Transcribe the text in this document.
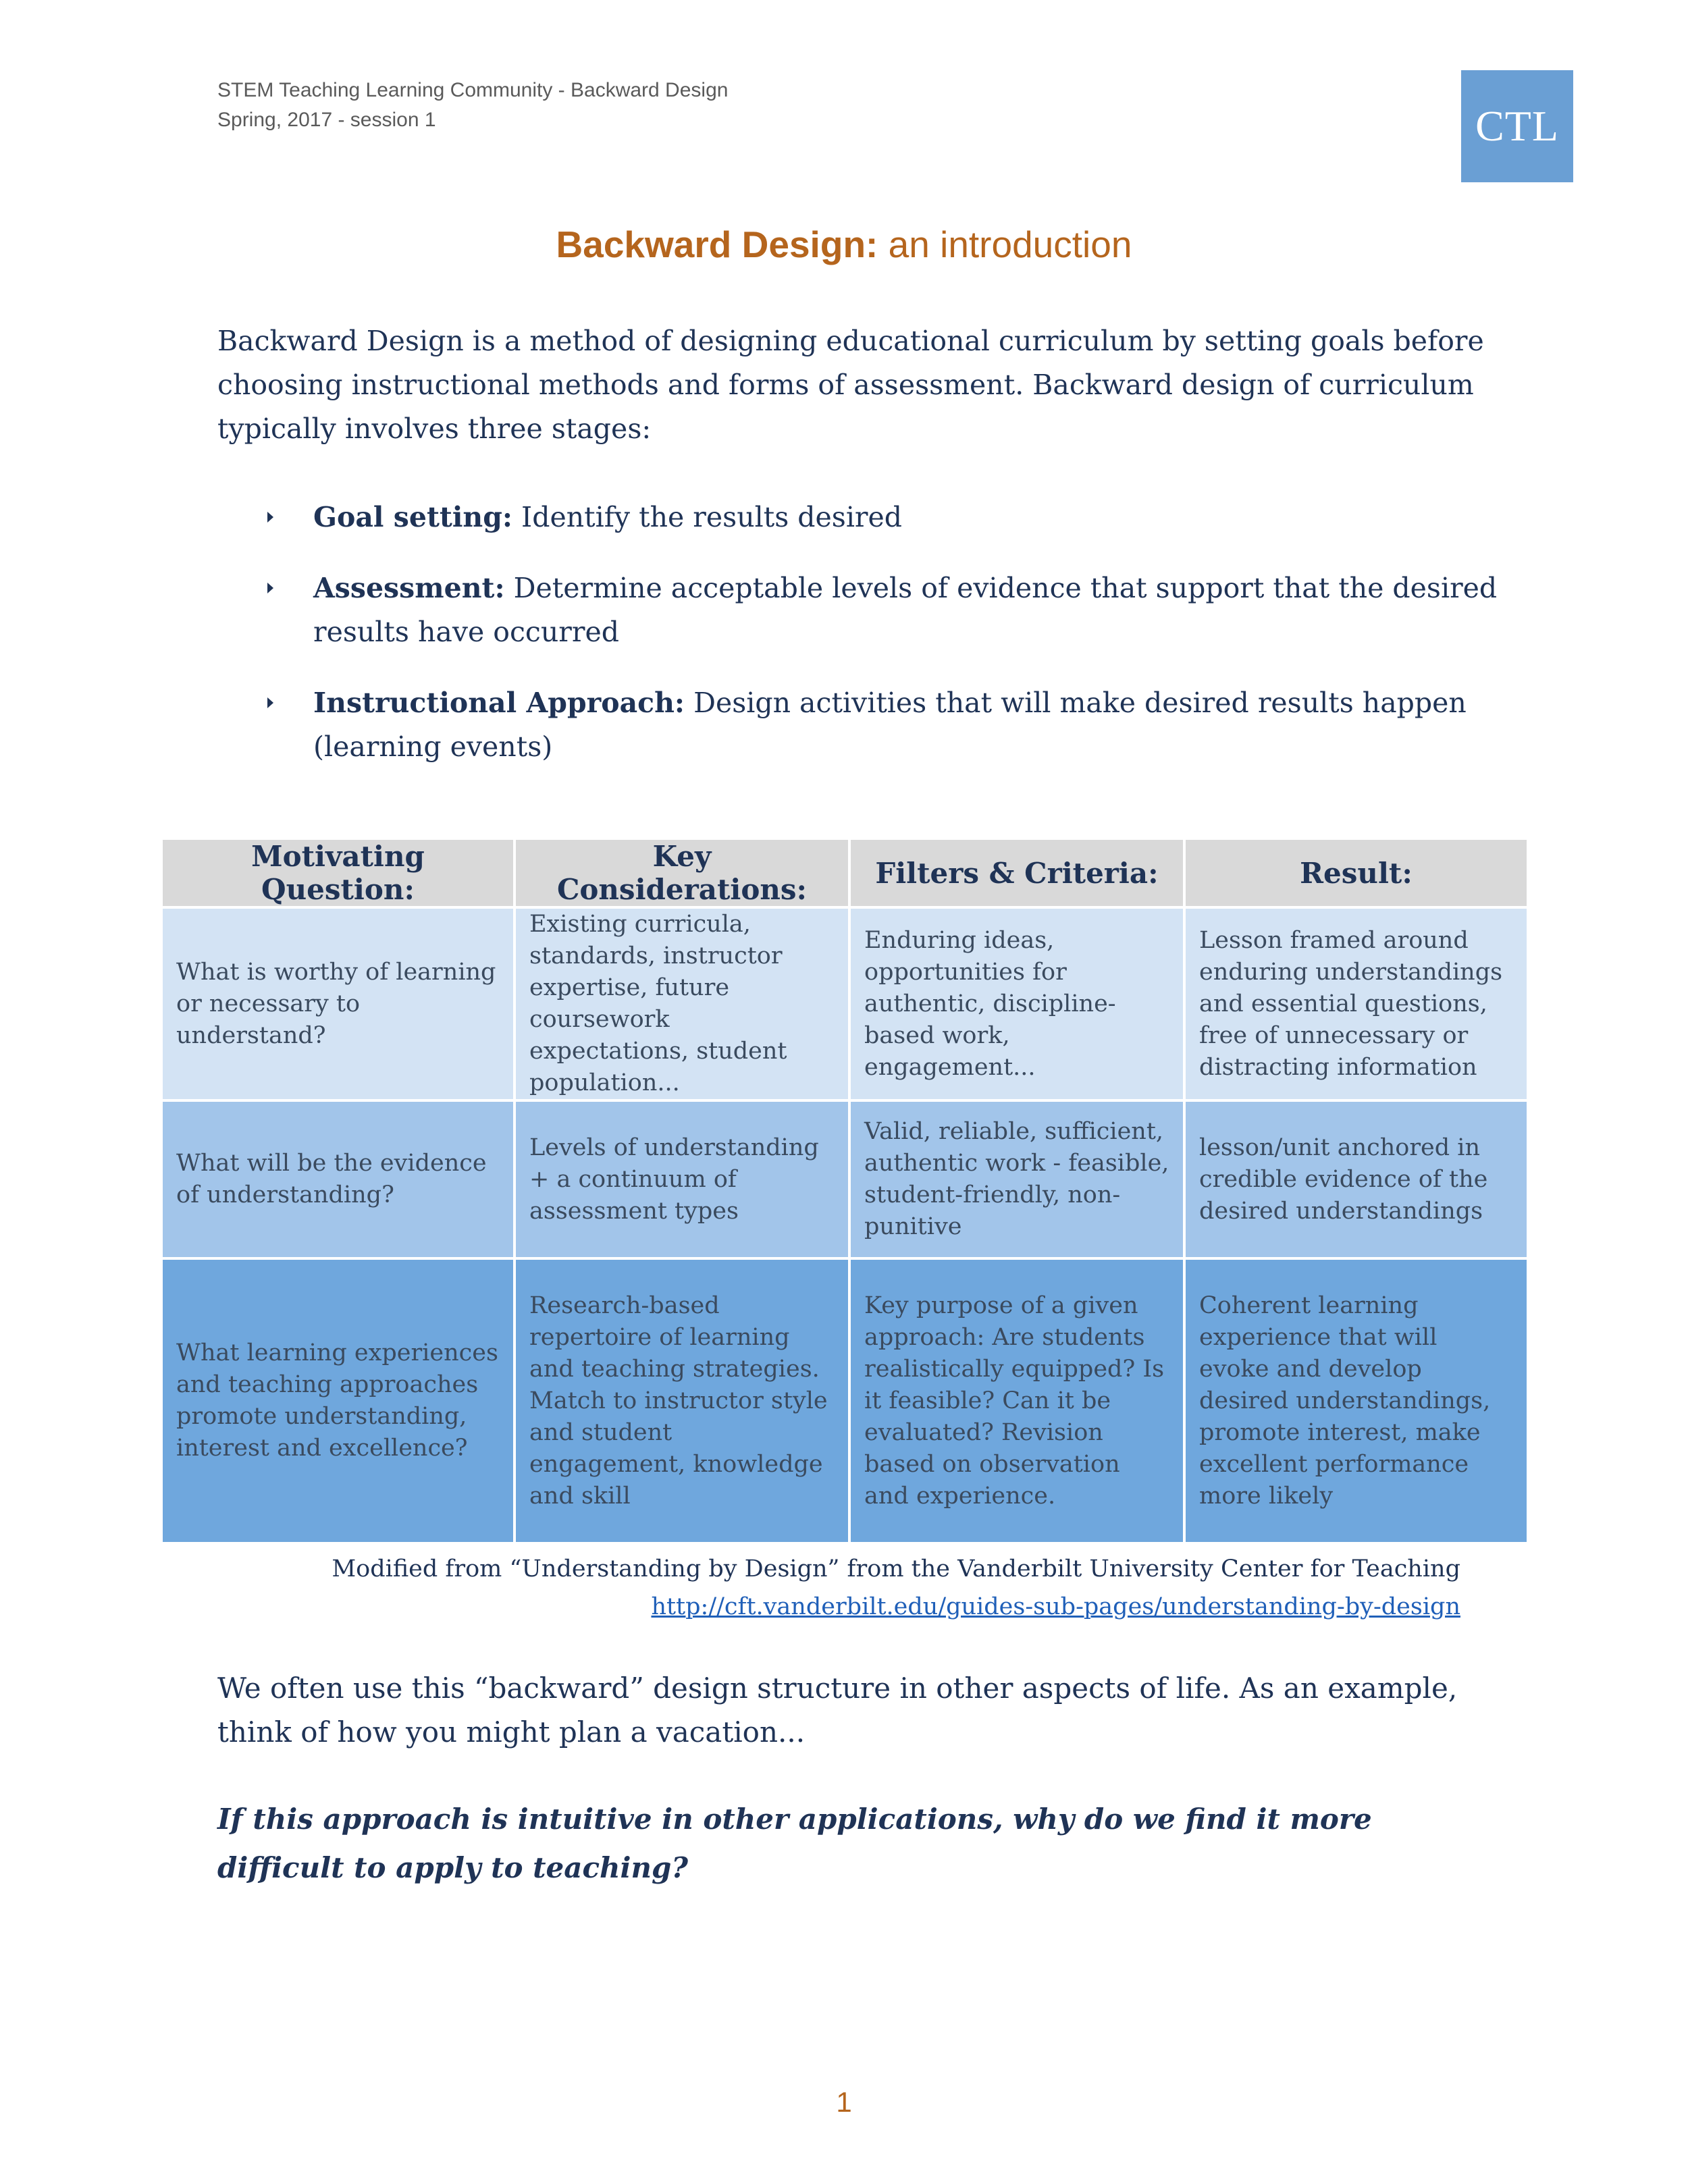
STEM Teaching Learning Community - Backward Design
Spring, 2017 - session 1	CTL
Backward Design: an introduction
Backward Design is a method of designing educational curriculum by setting goals before choosing instructional methods and forms of assessment. Backward design of curriculum typically involves three stages:
Goal setting: Identify the results desired
Assessment: Determine acceptable levels of evidence that support that the desired results have occurred
Instructional Approach: Design activities that will make desired results happen (learning events)
Motivating Question:	Key Considerations:	Filters & Criteria:	Result:
What is worthy of learning or necessary to understand?	Existing curricula, standards, instructor expertise, future coursework expectations, student population...	Enduring ideas, opportunities for authentic, discipline-based work, engagement...	Lesson framed around enduring understandings and essential questions, free of unnecessary or distracting information
What will be the evidence of understanding?	Levels of understanding + a continuum of assessment types	Valid, reliable, sufficient, authentic work - feasible, student-friendly, non-punitive	lesson/unit anchored in credible evidence of the desired understandings
What learning experiences and teaching approaches promote understanding, interest and excellence?	Research-based repertoire of learning and teaching strategies. Match to instructor style and student engagement, knowledge and skill	Key purpose of a given approach: Are students realistically equipped? Is it feasible? Can it be evaluated? Revision based on observation and experience.	Coherent learning experience that will evoke and develop desired understandings, promote interest, make excellent performance more likely
Modified from “Understanding by Design” from the Vanderbilt University Center for Teaching
http://cft.vanderbilt.edu/guides-sub-pages/understanding-by-design
We often use this “backward” design structure in other aspects of life. As an example, think of how you might plan a vacation...
If this approach is intuitive in other applications, why do we find it more difficult to apply to teaching?
1
